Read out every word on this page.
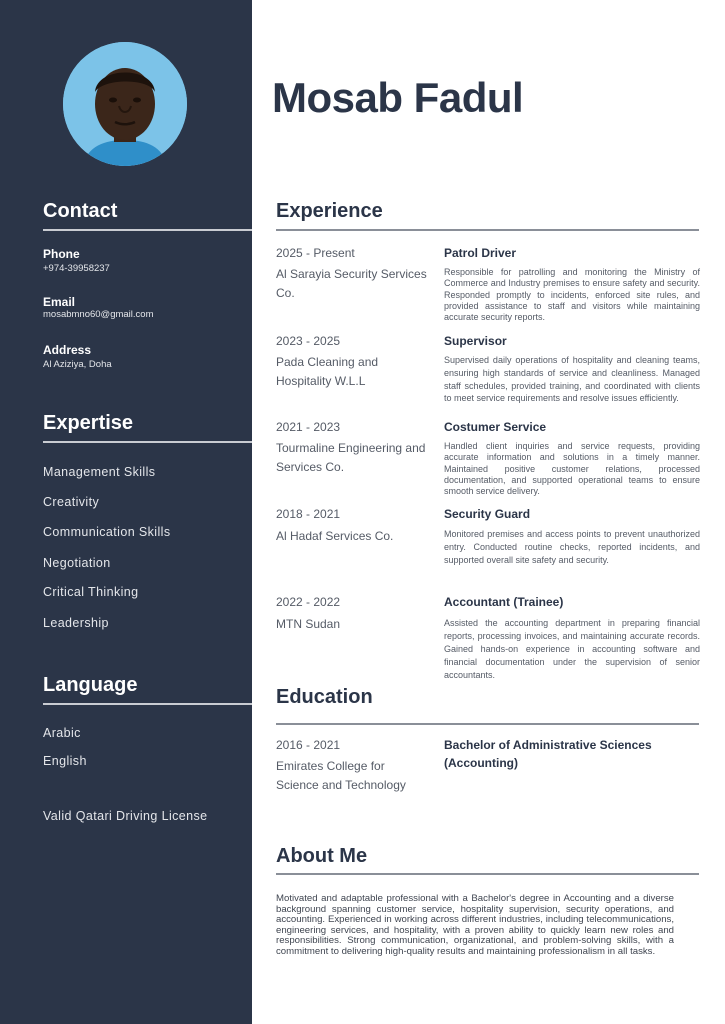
Contact
Phone
+974-39958237
Email
mosabmno60@gmail.com
Address
Al Aziziya, Doha
Expertise
Management Skills
Creativity
Communication Skills
Negotiation
Critical Thinking
Leadership
Language
Arabic
English
Valid Qatari Driving License
Mosab Fadul
Experience
2025 - Present
Al Sarayia Security Services Co.
Patrol Driver
Responsible for patrolling and monitoring the Ministry of Commerce and Industry premises to ensure safety and security. Responded promptly to incidents, enforced site rules, and provided assistance to staff and visitors while maintaining accurate security reports.
2023 - 2025
Pada Cleaning and Hospitality W.L.L
Supervisor
Supervised daily operations of hospitality and cleaning teams, ensuring high standards of service and cleanliness. Managed staff schedules, provided training, and coordinated with clients to meet service requirements and resolve issues efficiently.
2021 - 2023
Tourmaline Engineering and Services Co.
Costumer Service
Handled client inquiries and service requests, providing accurate information and solutions in a timely manner. Maintained positive customer relations, processed documentation, and supported operational teams to ensure smooth service delivery.
2018 - 2021
Al Hadaf Services Co.
Security Guard
Monitored premises and access points to prevent unauthorized entry. Conducted routine checks, reported incidents, and supported overall site safety and security.
2022 - 2022
MTN Sudan
Accountant (Trainee)
Assisted the accounting department in preparing financial reports, processing invoices, and maintaining accurate records. Gained hands-on experience in accounting software and financial documentation under the supervision of senior accountants.
Education
2016 - 2021
Emirates College for Science and Technology
Bachelor of Administrative Sciences (Accounting)
About Me
Motivated and adaptable professional with a Bachelor's degree in Accounting and a diverse background spanning customer service, hospitality supervision, security operations, and accounting. Experienced in working across different industries, including telecommunications, engineering services, and hospitality, with a proven ability to quickly learn new roles and responsibilities. Strong communication, organizational, and problem-solving skills, with a commitment to delivering high-quality results and maintaining professionalism in all tasks.
